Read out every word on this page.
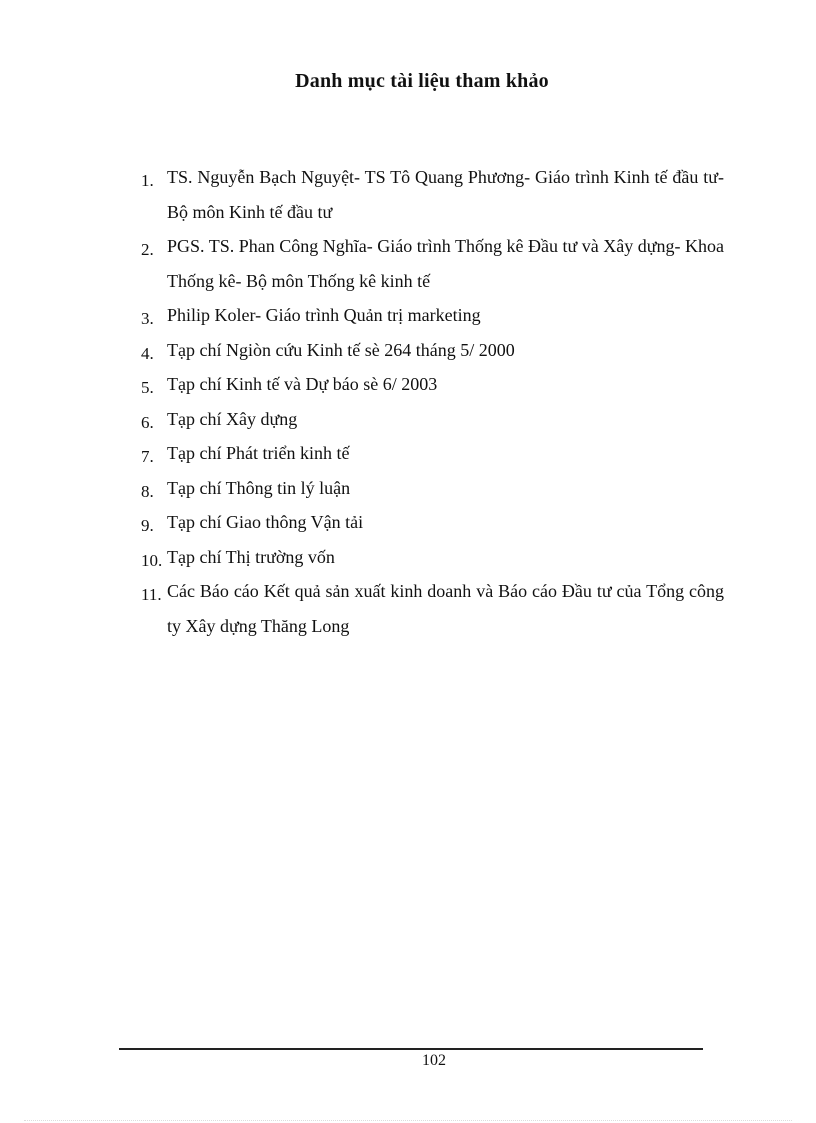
Danh mục tài liệu tham khảo
1. TS. Nguyễn Bạch Nguyệt- TS Tô Quang Phương- Giáo trình Kinh tế đầu tư- Bộ môn Kinh tế đầu tư
2. PGS. TS. Phan Công Nghĩa- Giáo trình Thống kê Đầu tư và Xây dựng- Khoa Thống kê- Bộ môn Thống kê kinh tế
3. Philip Koler- Giáo trình Quản trị marketing
4. Tạp chí Ngiòn cứu Kinh tế sè 264 tháng 5/ 2000
5. Tạp chí Kinh tế và Dự báo sè 6/ 2003
6. Tạp chí Xây dựng
7. Tạp chí Phát triển kinh tế
8. Tạp chí Thông tin lý luận
9. Tạp chí Giao thông Vận tải
10. Tạp chí Thị trường vốn
11. Các Báo cáo Kết quả sản xuất kinh doanh và Báo cáo Đầu tư của Tổng công ty Xây dựng Thăng Long
102
